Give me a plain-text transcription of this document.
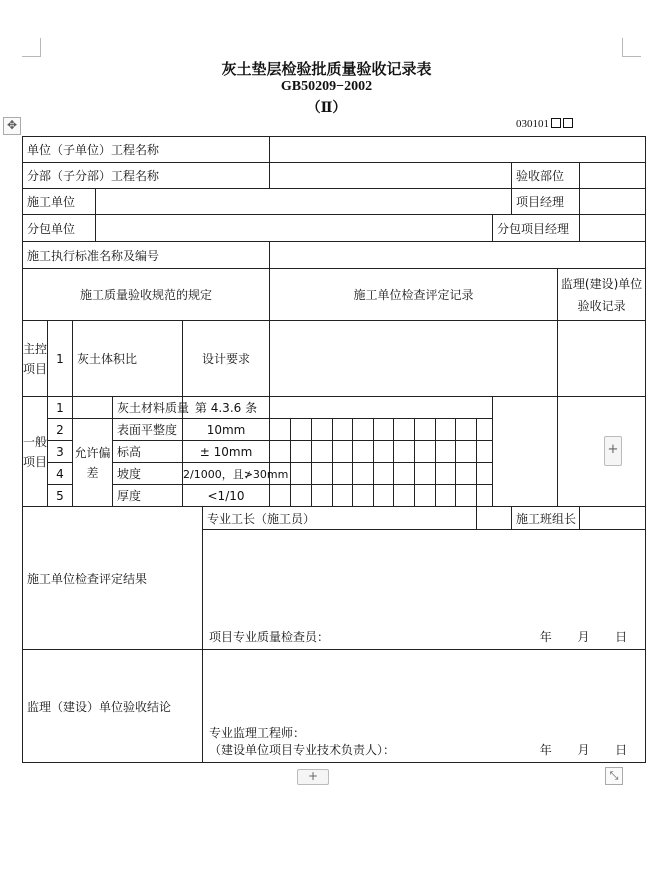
✥
+
+	⤡
灰土垫层检验批质量验收记录表
GB50209−2002
（Ⅱ）
030101
单位（子单位）工程名称																					
分部（子分部）工程名称																			验收部位		
施工单位																			项目经理		
分包单位																		分包项目经理			
施工执行标准名称及编号																					
施工质量验收规范的规定							施工单位检查评定记录													监理(建设)单位验收记录	
主控项目	1	灰土体积比			设计要求																
一般项目	1			灰土材料质量	第 4.3.6 条																
	2	允许偏差		表面平整度	10mm																
	3			标高	± 10mm																
	4			坡度	2/1000，且≯30mm																
	5			厚度	<1/10																
施工单位检查评定结果						专业工长（施工员）													施工班组长		
						项目专业质量检查员： 年 月 日															

监理（建设）单位验收结论						专业监理工程师：
（建设单位项目专业技术负责人）： 年 月 日															
